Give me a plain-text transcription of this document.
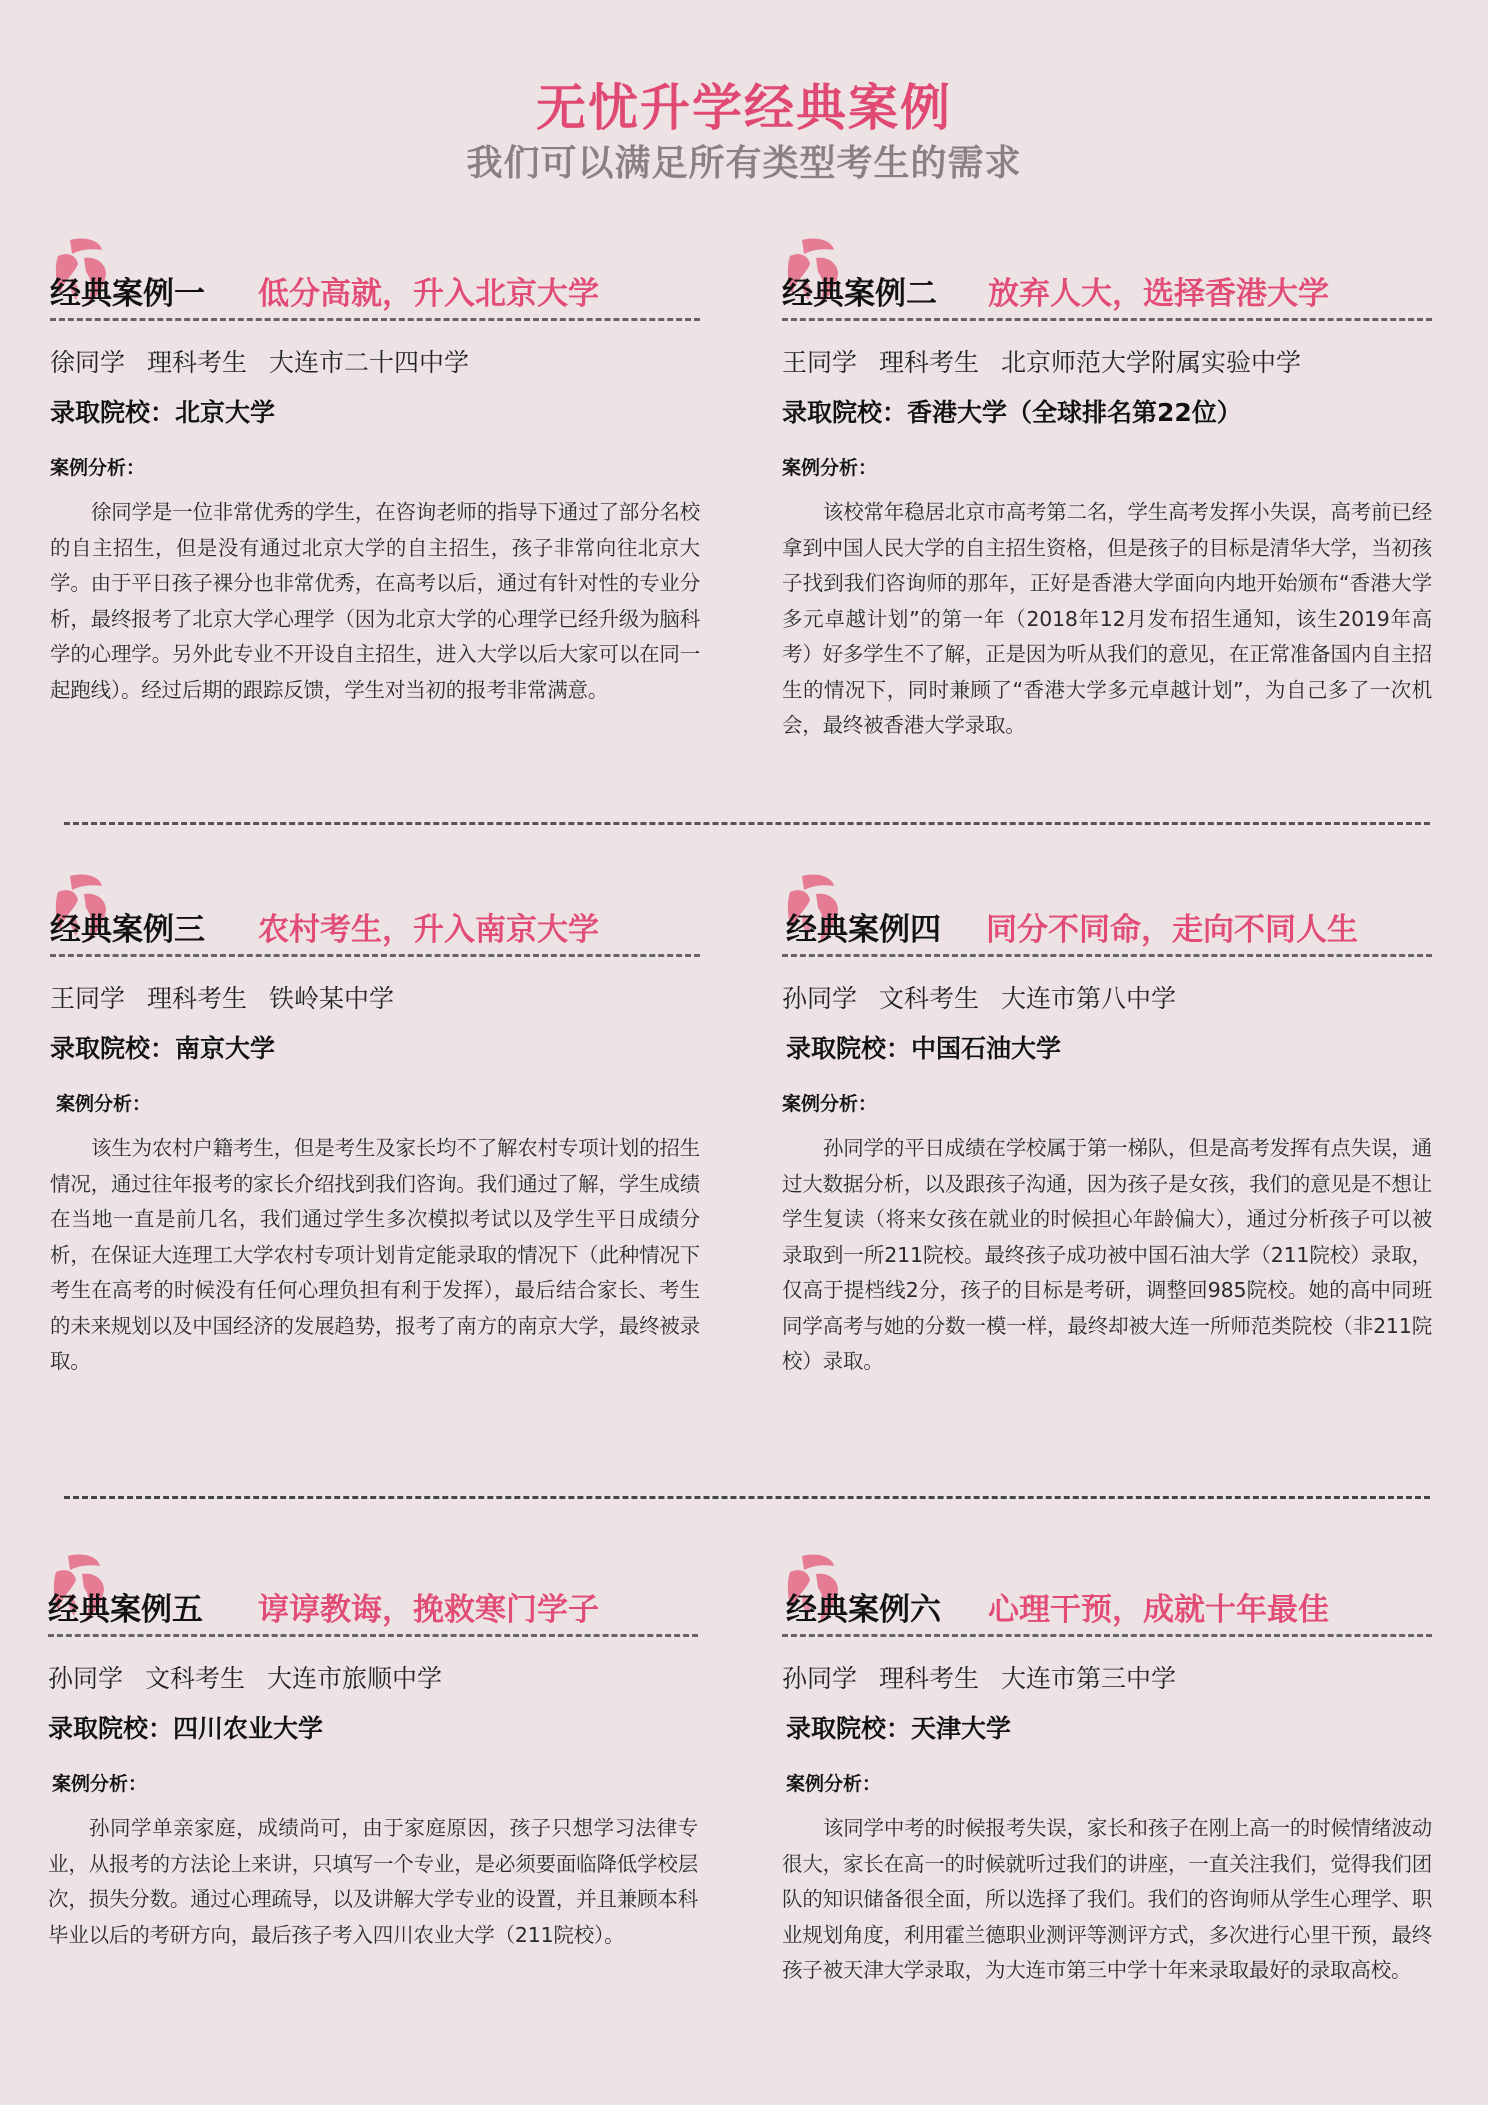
无忧升学经典案例
我们可以满足所有类型考生的需求
经典案例一 低分高就，升入北京大学
徐同学 理科考生 大连市二十四中学
录取院校：北京大学
案例分析：
徐同学是一位非常优秀的学生，在咨询老师的指导下通过了部分名校的自主招生，但是没有通过北京大学的自主招生，孩子非常向往北京大学。由于平日孩子裸分也非常优秀，在高考以后，通过有针对性的专业分析，最终报考了北京大学心理学（因为北京大学的心理学已经升级为脑科学的心理学。另外此专业不开设自主招生，进入大学以后大家可以在同一起跑线）。经过后期的跟踪反馈，学生对当初的报考非常满意。
经典案例二 放弃人大，选择香港大学
王同学 理科考生 北京师范大学附属实验中学
录取院校：香港大学（全球排名第22位）
案例分析：
该校常年稳居北京市高考第二名，学生高考发挥小失误，高考前已经拿到中国人民大学的自主招生资格，但是孩子的目标是清华大学，当初孩子找到我们咨询师的那年，正好是香港大学面向内地开始颁布“香港大学多元卓越计划”的第一年（2018年12月发布招生通知，该生2019年高考）好多学生不了解，正是因为听从我们的意见，在正常准备国内自主招生的情况下，同时兼顾了“香港大学多元卓越计划”，为自己多了一次机会，最终被香港大学录取。
经典案例三 农村考生，升入南京大学
王同学 理科考生 铁岭某中学
录取院校：南京大学
案例分析：
该生为农村户籍考生，但是考生及家长均不了解农村专项计划的招生情况，通过往年报考的家长介绍找到我们咨询。我们通过了解，学生成绩在当地一直是前几名，我们通过学生多次模拟考试以及学生平日成绩分析，在保证大连理工大学农村专项计划肯定能录取的情况下（此种情况下考生在高考的时候没有任何心理负担有利于发挥），最后结合家长、考生的未来规划以及中国经济的发展趋势，报考了南方的南京大学，最终被录取。
经典案例四 同分不同命，走向不同人生
孙同学 文科考生 大连市第八中学
录取院校：中国石油大学
案例分析：
孙同学的平日成绩在学校属于第一梯队，但是高考发挥有点失误，通过大数据分析，以及跟孩子沟通，因为孩子是女孩，我们的意见是不想让学生复读（将来女孩在就业的时候担心年龄偏大），通过分析孩子可以被录取到一所211院校。最终孩子成功被中国石油大学（211院校）录取，仅高于提档线2分，孩子的目标是考研，调整回985院校。她的高中同班同学高考与她的分数一模一样，最终却被大连一所师范类院校（非211院校）录取。
经典案例五 谆谆教诲，挽救寒门学子
孙同学 文科考生 大连市旅顺中学
录取院校：四川农业大学
案例分析：
孙同学单亲家庭，成绩尚可，由于家庭原因，孩子只想学习法律专业，从报考的方法论上来讲，只填写一个专业，是必须要面临降低学校层次，损失分数。通过心理疏导，以及讲解大学专业的设置，并且兼顾本科毕业以后的考研方向，最后孩子考入四川农业大学（211院校）。
经典案例六 心理干预，成就十年最佳
孙同学 理科考生 大连市第三中学
录取院校：天津大学
案例分析：
该同学中考的时候报考失误，家长和孩子在刚上高一的时候情绪波动很大，家长在高一的时候就听过我们的讲座，一直关注我们，觉得我们团队的知识储备很全面，所以选择了我们。我们的咨询师从学生心理学、职业规划角度，利用霍兰德职业测评等测评方式，多次进行心里干预，最终孩子被天津大学录取，为大连市第三中学十年来录取最好的录取高校。
